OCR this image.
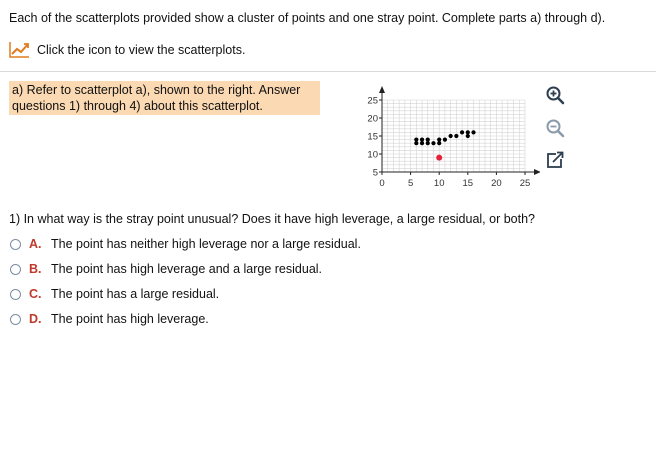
Each of the scatterplots provided show a cluster of points and one stray point. Complete parts a) through d).
Click the icon to view the scatterplots.
a) Refer to scatterplot a), shown to the right. Answer questions 1) through 4) about this scatterplot.
5
10
15
20
25
0 5 10 15 20 25
1) In what way is the stray point unusual? Does it have high leverage, a large residual, or both?
A. The point has neither high leverage nor a large residual.
B. The point has high leverage and a large residual.
C. The point has a large residual.
D. The point has high leverage.
